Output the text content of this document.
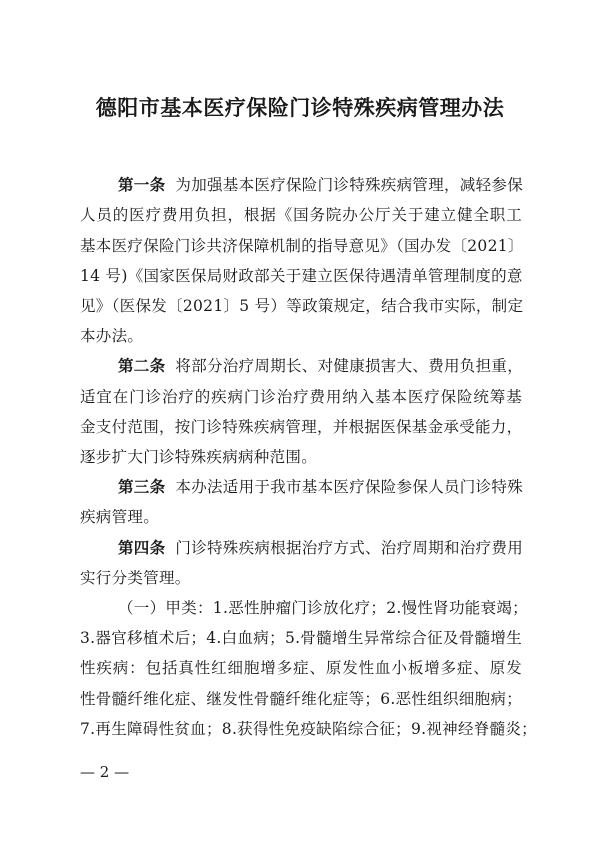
德阳市基本医疗保险门诊特殊疾病管理办法
第一条 为加强基本医疗保险门诊特殊疾病管理，减轻参保
人员的医疗费用负担，根据《国务院办公厅关于建立健全职工
基本医疗保险门诊共济保障机制的指导意见》（国办发〔2021〕
14 号)《国家医保局财政部关于建立医保待遇清单管理制度的意
见》（医保发〔2021〕5 号）等政策规定，结合我市实际，制定
本办法。
第二条 将部分治疗周期长、对健康损害大、费用负担重，
适宜在门诊治疗的疾病门诊治疗费用纳入基本医疗保险统筹基
金支付范围，按门诊特殊疾病管理，并根据医保基金承受能力，
逐步扩大门诊特殊疾病病种范围。
第三条 本办法适用于我市基本医疗保险参保人员门诊特殊
疾病管理。
第四条 门诊特殊疾病根据治疗方式、治疗周期和治疗费用
实行分类管理。
（一）甲类：1.恶性肿瘤门诊放化疗；2.慢性肾功能衰竭；
3.器官移植术后；4.白血病；5.骨髓增生异常综合征及骨髓增生
性疾病：包括真性红细胞增多症、原发性血小板增多症、原发
性骨髓纤维化症、继发性骨髓纤维化症等；6.恶性组织细胞病；
7.再生障碍性贫血；8.获得性免疫缺陷综合征；9.视神经脊髓炎；
— 2 —
